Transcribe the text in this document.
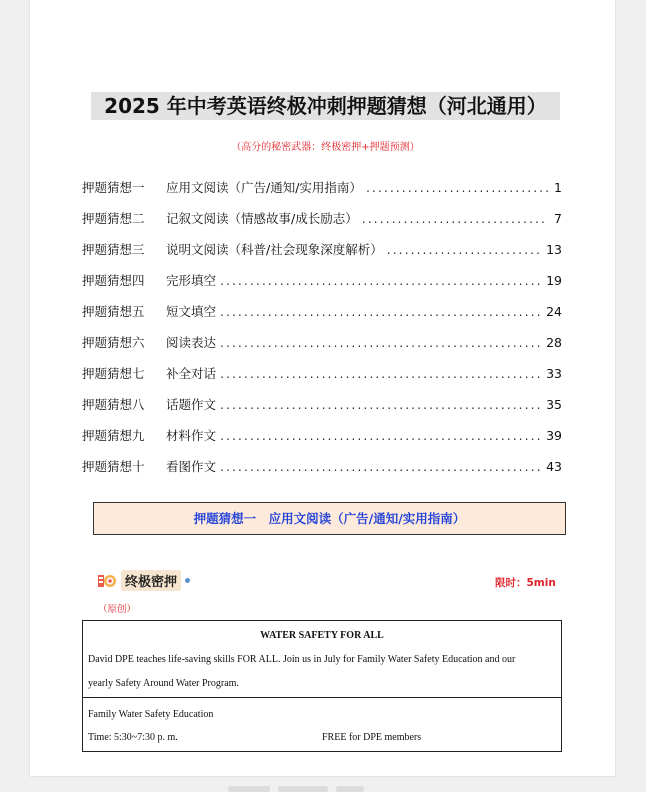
2025 年中考英语终极冲刺押题猜想（河北通用）
（高分的秘密武器：终极密押+押题预测）
押题猜想一	应用文阅读（广告/通知/实用指南） .....	1
押题猜想二	记叙文阅读（情感故事/成长励志） .....	7
押题猜想三	说明文阅读（科普/社会现象深度解析） .....	13
押题猜想四	完形填空 .....	19
押题猜想五	短文填空 .....	24
押题猜想六	阅读表达 .....	28
押题猜想七	补全对话 .....	33
押题猜想八	话题作文 .....	35
押题猜想九	材料作文 .....	39
押题猜想十	看图作文 .....	43
押题猜想一　应用文阅读（广告/通知/实用指南）
终极密押	限时：5min
（原创）
WATER SAFETY FOR ALL
David DPE teaches life-saving skills FOR ALL. Join us in July for Family Water Safety Education and our
yearly Safety Around Water Program.
Family Water Safety Education
Time: 5:30~7:30 p. m.	FREE for DPE members
